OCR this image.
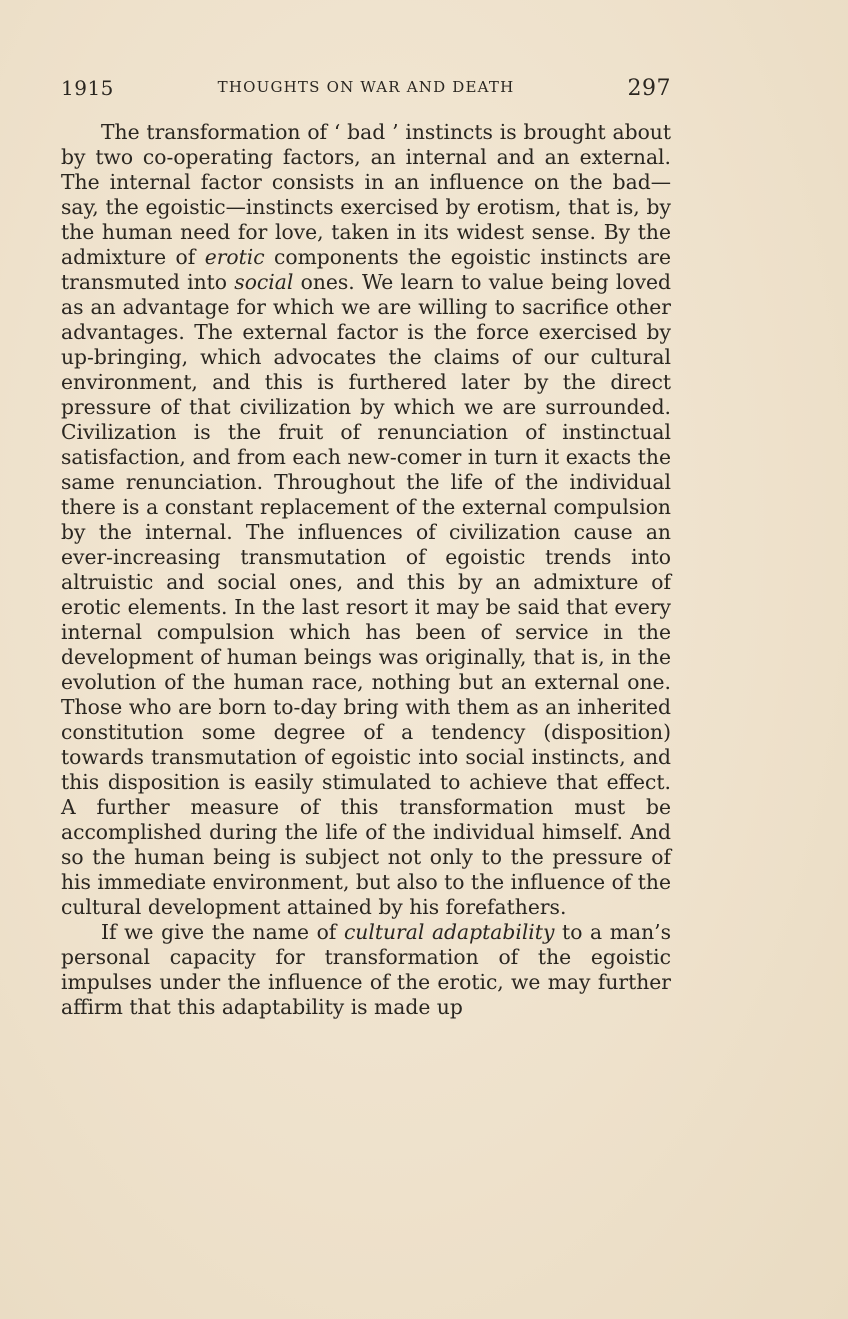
1915	THOUGHTS ON WAR AND DEATH	297

The transformation of ‘ bad ’ instincts is brought about by two co-operating factors, an internal and an external. The internal factor consists in an influence on the bad—say, the egoistic—instincts exercised by erotism, that is, by the human need for love, taken in its widest sense. By the admixture of erotic components the egoistic instincts are transmuted into social ones. We learn to value being loved as an advantage for which we are willing to sacrifice other advantages. The external factor is the force exercised by up-bringing, which advocates the claims of our cultural environment, and this is furthered later by the direct pressure of that civilization by which we are surrounded. Civilization is the fruit of renunciation of instinctual satisfaction, and from each new-comer in turn it exacts the same renunciation. Throughout the life of the individual there is a constant replacement of the external compulsion by the internal. The influences of civilization cause an ever-increasing transmutation of egoistic trends into altruistic and social ones, and this by an admixture of erotic elements. In the last resort it may be said that every internal compulsion which has been of service in the development of human beings was originally, that is, in the evolution of the human race, nothing but an external one. Those who are born to-day bring with them as an inherited constitution some degree of a tendency (disposition) towards transmutation of egoistic into social instincts, and this disposition is easily stimulated to achieve that effect. A further measure of this transformation must be accomplished during the life of the individual himself. And so the human being is subject not only to the pressure of his immediate environment, but also to the influence of the cultural development attained by his forefathers.

If we give the name of cultural adaptability to a man’s personal capacity for transformation of the egoistic impulses under the influence of the erotic, we may further affirm that this adaptability is made up
